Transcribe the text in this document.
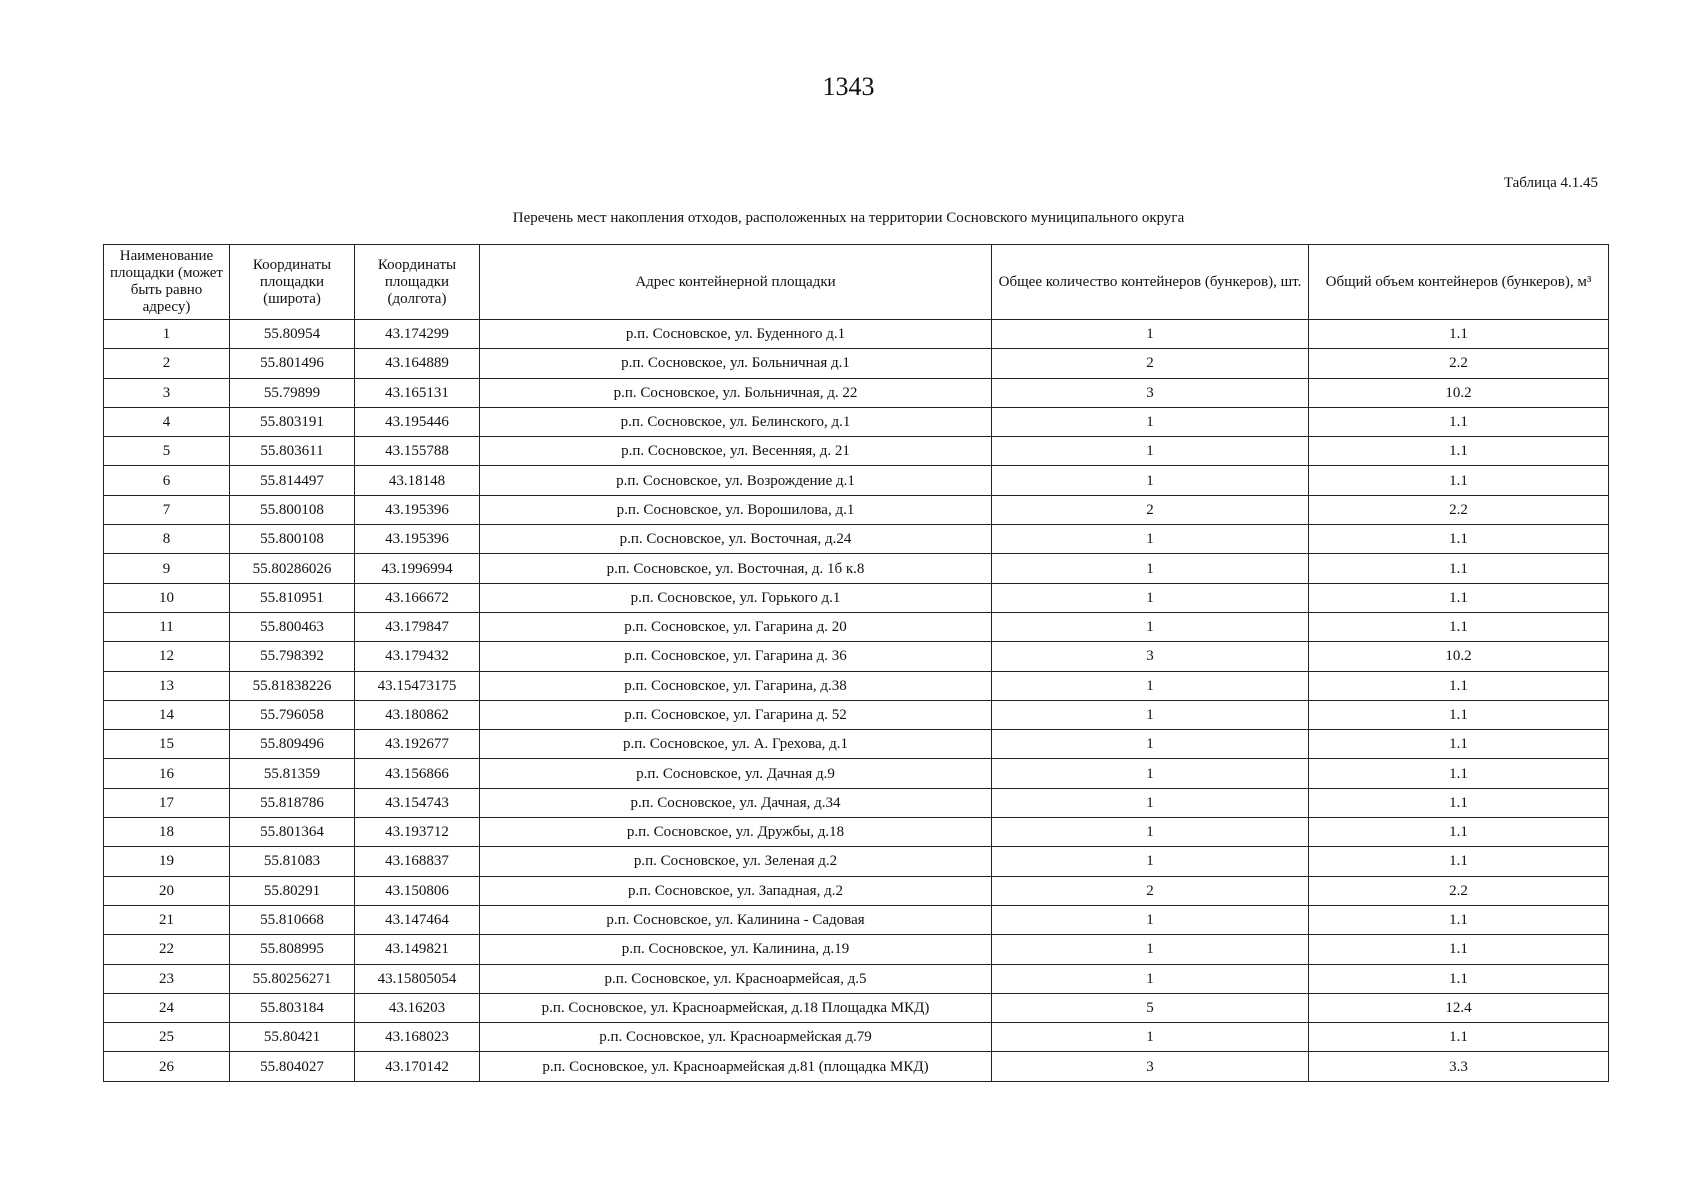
1343
Таблица 4.1.45
Перечень мест накопления отходов, расположенных на территории Сосновского муниципального округа
Наименование площадки (может быть равно адресу)	Координаты площадки (широта)	Координаты площадки (долгота)	Адрес контейнерной площадки	Общее количество контейнеров (бункеров), шт.	Общий объем контейнеров (бункеров), м³
1	55.80954	43.174299	р.п. Сосновское, ул. Буденного д.1	1	1.1
2	55.801496	43.164889	р.п. Сосновское, ул. Больничная д.1	2	2.2
3	55.79899	43.165131	р.п. Сосновское, ул. Больничная, д. 22	3	10.2
4	55.803191	43.195446	р.п. Сосновское, ул. Белинского, д.1	1	1.1
5	55.803611	43.155788	р.п. Сосновское, ул. Весенняя, д. 21	1	1.1
6	55.814497	43.18148	р.п. Сосновское, ул. Возрождение д.1	1	1.1
7	55.800108	43.195396	р.п. Сосновское, ул. Ворошилова, д.1	2	2.2
8	55.800108	43.195396	р.п. Сосновское, ул. Восточная, д.24	1	1.1
9	55.80286026	43.1996994	р.п. Сосновское, ул. Восточная, д. 1б к.8	1	1.1
10	55.810951	43.166672	р.п. Сосновское, ул. Горького д.1	1	1.1
11	55.800463	43.179847	р.п. Сосновское, ул. Гагарина д. 20	1	1.1
12	55.798392	43.179432	р.п. Сосновское, ул. Гагарина д. 36	3	10.2
13	55.81838226	43.15473175	р.п. Сосновское, ул. Гагарина, д.38	1	1.1
14	55.796058	43.180862	р.п. Сосновское, ул. Гагарина д. 52	1	1.1
15	55.809496	43.192677	р.п. Сосновское, ул. А. Грехова, д.1	1	1.1
16	55.81359	43.156866	р.п. Сосновское, ул. Дачная д.9	1	1.1
17	55.818786	43.154743	р.п. Сосновское, ул. Дачная, д.34	1	1.1
18	55.801364	43.193712	р.п. Сосновское, ул. Дружбы, д.18	1	1.1
19	55.81083	43.168837	р.п. Сосновское, ул. Зеленая д.2	1	1.1
20	55.80291	43.150806	р.п. Сосновское, ул. Западная, д.2	2	2.2
21	55.810668	43.147464	р.п. Сосновское, ул. Калинина - Садовая	1	1.1
22	55.808995	43.149821	р.п. Сосновское, ул. Калинина, д.19	1	1.1
23	55.80256271	43.15805054	р.п. Сосновское, ул. Красноармейсая, д.5	1	1.1
24	55.803184	43.16203	р.п. Сосновское, ул. Красноармейская, д.18 Площадка МКД)	5	12.4
25	55.80421	43.168023	р.п. Сосновское, ул. Красноармейская д.79	1	1.1
26	55.804027	43.170142	р.п. Сосновское, ул. Красноармейская д.81 (площадка МКД)	3	3.3
